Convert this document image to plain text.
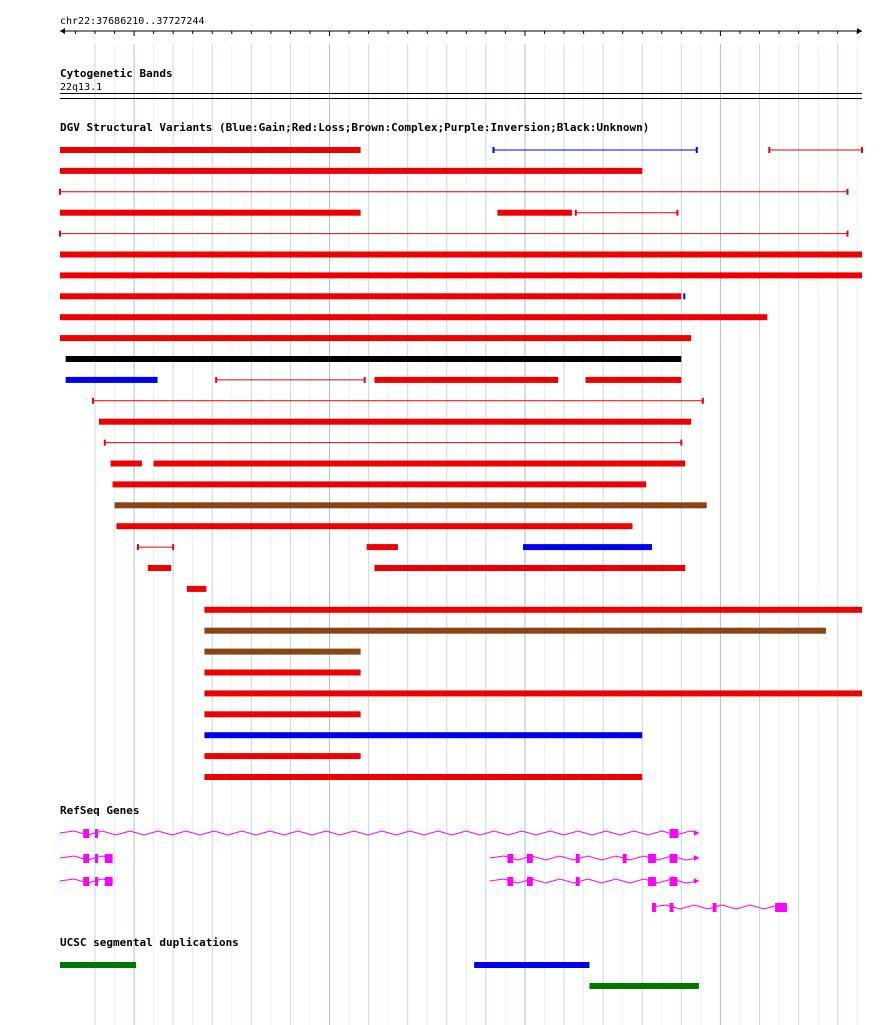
chr22:37686210..37727244
Cytogenetic Bands
22q13.1
DGV Structural Variants (Blue:Gain;Red:Loss;Brown:Complex;Purple:Inversion;Black:Unknown)
RefSeq Genes
UCSC segmental duplications
